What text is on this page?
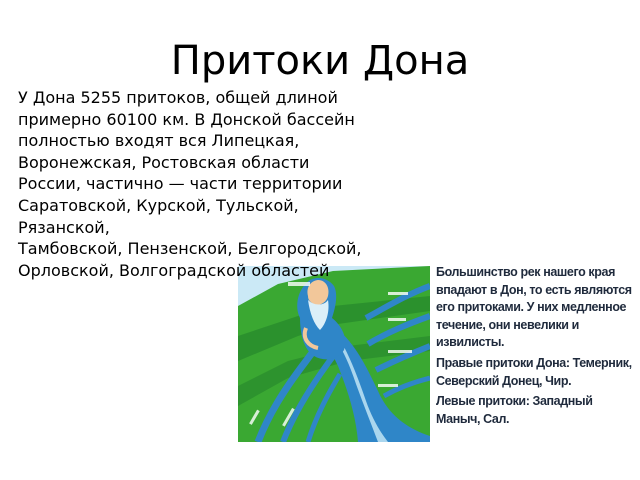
Притоки Дона
У Дона 5255 притоков, общей длиной примерно 60100 км. В Донской бассейн полностью входят вся Липецкая, Воронежская, Ростовская области России, частично — части территории Саратовской, Курской, Тульской, Рязанской,
Тамбовской, Пензенской, Белгородской, Орловской, Волгоградской областей	Большинство рек нашего края впадают в Дон, то есть являются его притоками. У них медленное течение, они невелики и извилисты.

Правые притоки Дона: Темерник, Северский Донец, Чир.

Левые притоки: Западный Маныч, Сал.
